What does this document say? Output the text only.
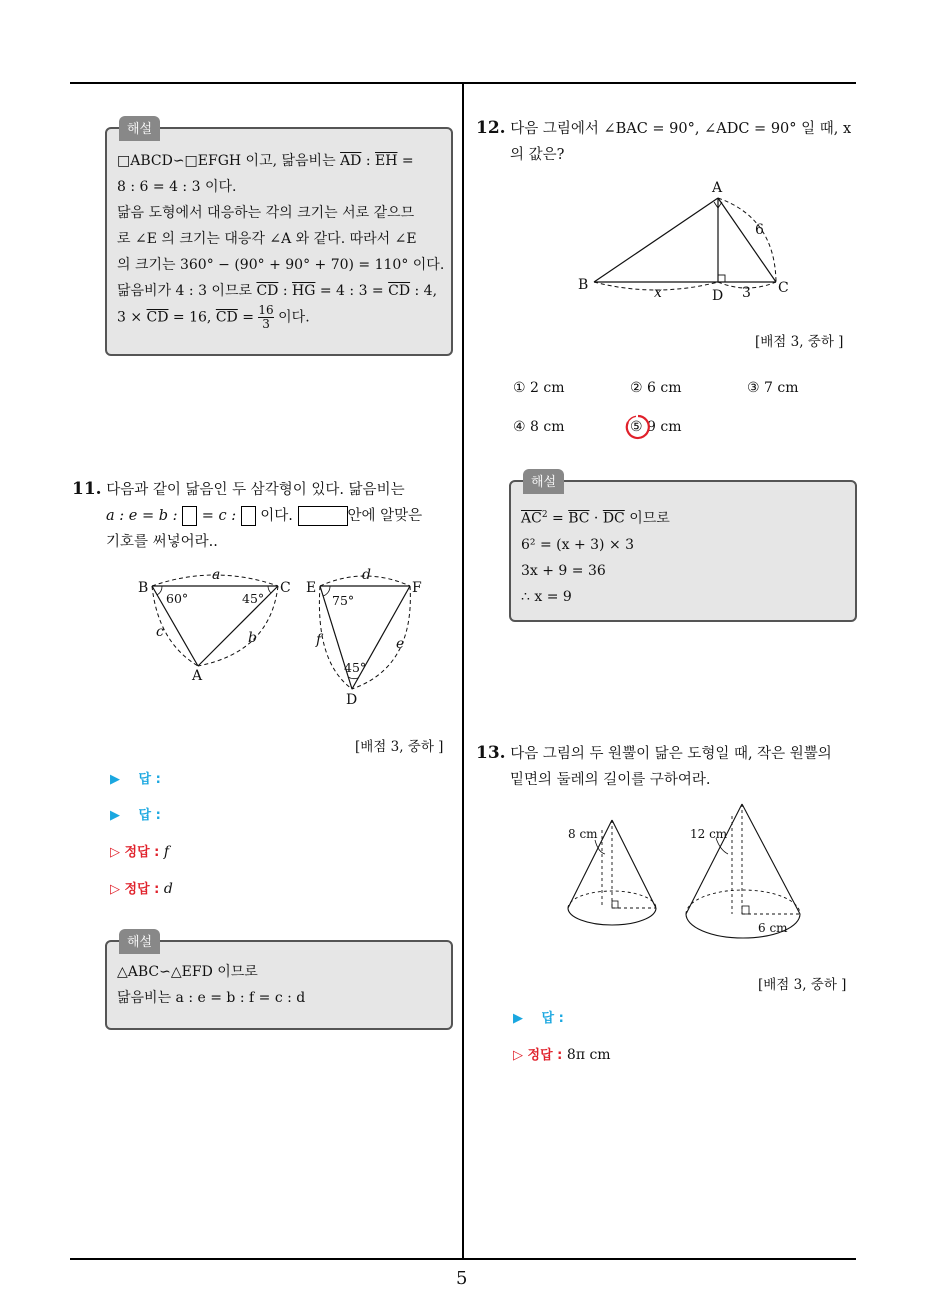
5
해설
□ABCD∽□EFGH 이고, 닮음비는 $\overline{AD}$ : $\overline{EH}$ =
8 : 6 = 4 : 3 이다.
닮음 도형에서 대응하는 각의 크기는 서로 같으므
로 ∠E 의 크기는 대응각 ∠A 와 같다. 따라서 ∠E
의 크기는 360° − (90° + 90° + 70) = 110° 이다.
닮음비가 4 : 3 이므로 $\overline{CD}$ : $\overline{HG} = 4$ : $3 = \overline{CD}$ : 4,
$3 \times \overline{CD} = 16$, $\overline{CD} = \frac{16}{3}$ 이다.
11. 다음과 같이 닮음인 두 삼각형이 있다. 닮음비는
a : e = b : = c : 이다.	안에 알맞은
기호를 써넣어라..
B	C
A
E	F
D
a
b
c
d
e
f
60°	45°	75°
45°
[배점 3, 중하 ]
▶ 답 :
▶ 답 :
▷ 정답 : f
▷ 정답 : d
해설
△ABC∽△EFD 이므로
닮음비는 a : e = b : f = c : d
12. 다음 그림에서 ∠BAC = 90°, ∠ADC = 90° 일 때, x
의 값은?
A
B	C
D
6
3
x
[배점 3, 중하 ]
① 2 cm	② 6 cm	③ 7 cm
④ 8 cm	⑤ 9 cm
해설
$\overline{AC}^2 = \overline{BC} \cdot \overline{DC}$ 이므로
6² = (x + 3) × 3
3x + 9 = 36
∴ x = 9
13. 다음 그림의 두 원뿔이 닮은 도형일 때, 작은 원뿔의
밑면의 둘레의 길이를 구하여라.
8 cm	12 cm
6 cm
[배점 3, 중하 ]
▶ 답 :
▷ 정답 : 8π cm
